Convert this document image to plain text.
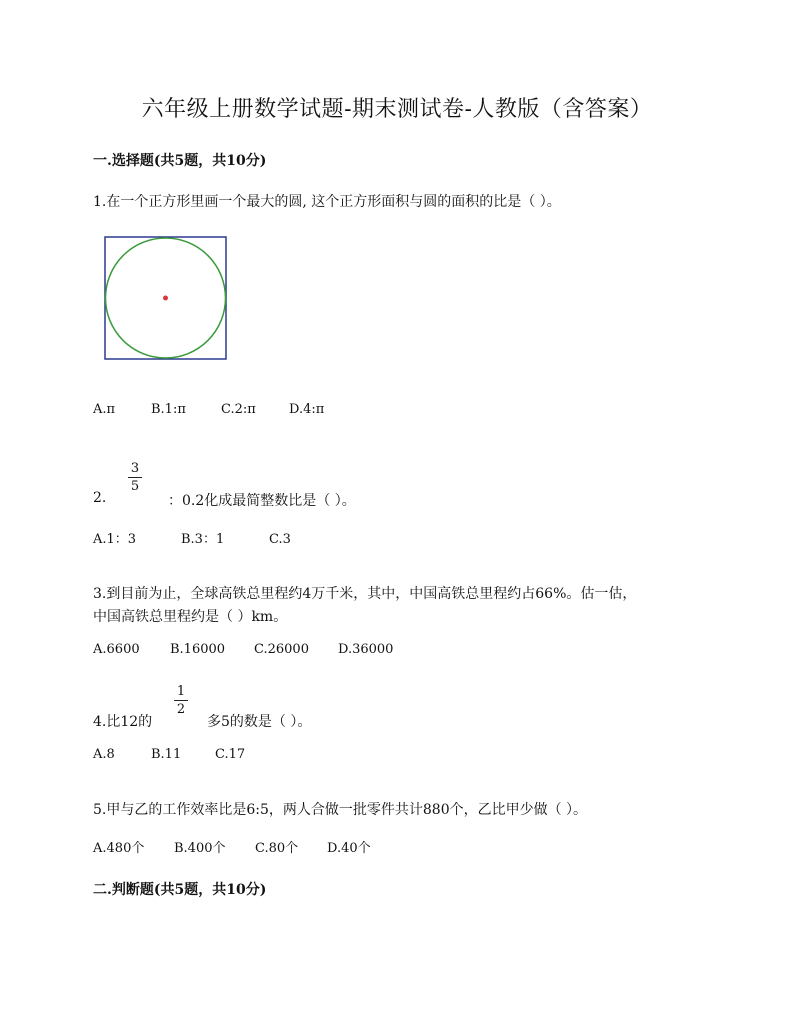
六年级上册数学试题-期末测试卷-人教版（含答案）
一.选择题(共5题，共10分)
1.在一个正方形里画一个最大的圆, 这个正方形面积与圆的面积的比是（ ）。
A.π	B.1:π	C.2:π	D.4:π
3
5
2.	：0.2化成最简整数比是（ ）。
A.1：3	B.3：1	C.3
3.到目前为止，全球高铁总里程约4万千米，其中，中国高铁总里程约占66%。估一估，
中国高铁总里程约是（ ）km。
A.6600 B.16000 C.26000 D.36000
1
2
4.比12的	多5的数是（ ）。
A.8	B.11	C.17
5.甲与乙的工作效率比是6:5，两人合做一批零件共计880个，乙比甲少做（ ）。
A.480个 B.400个 C.80个 D.40个
二.判断题(共5题，共10分)
